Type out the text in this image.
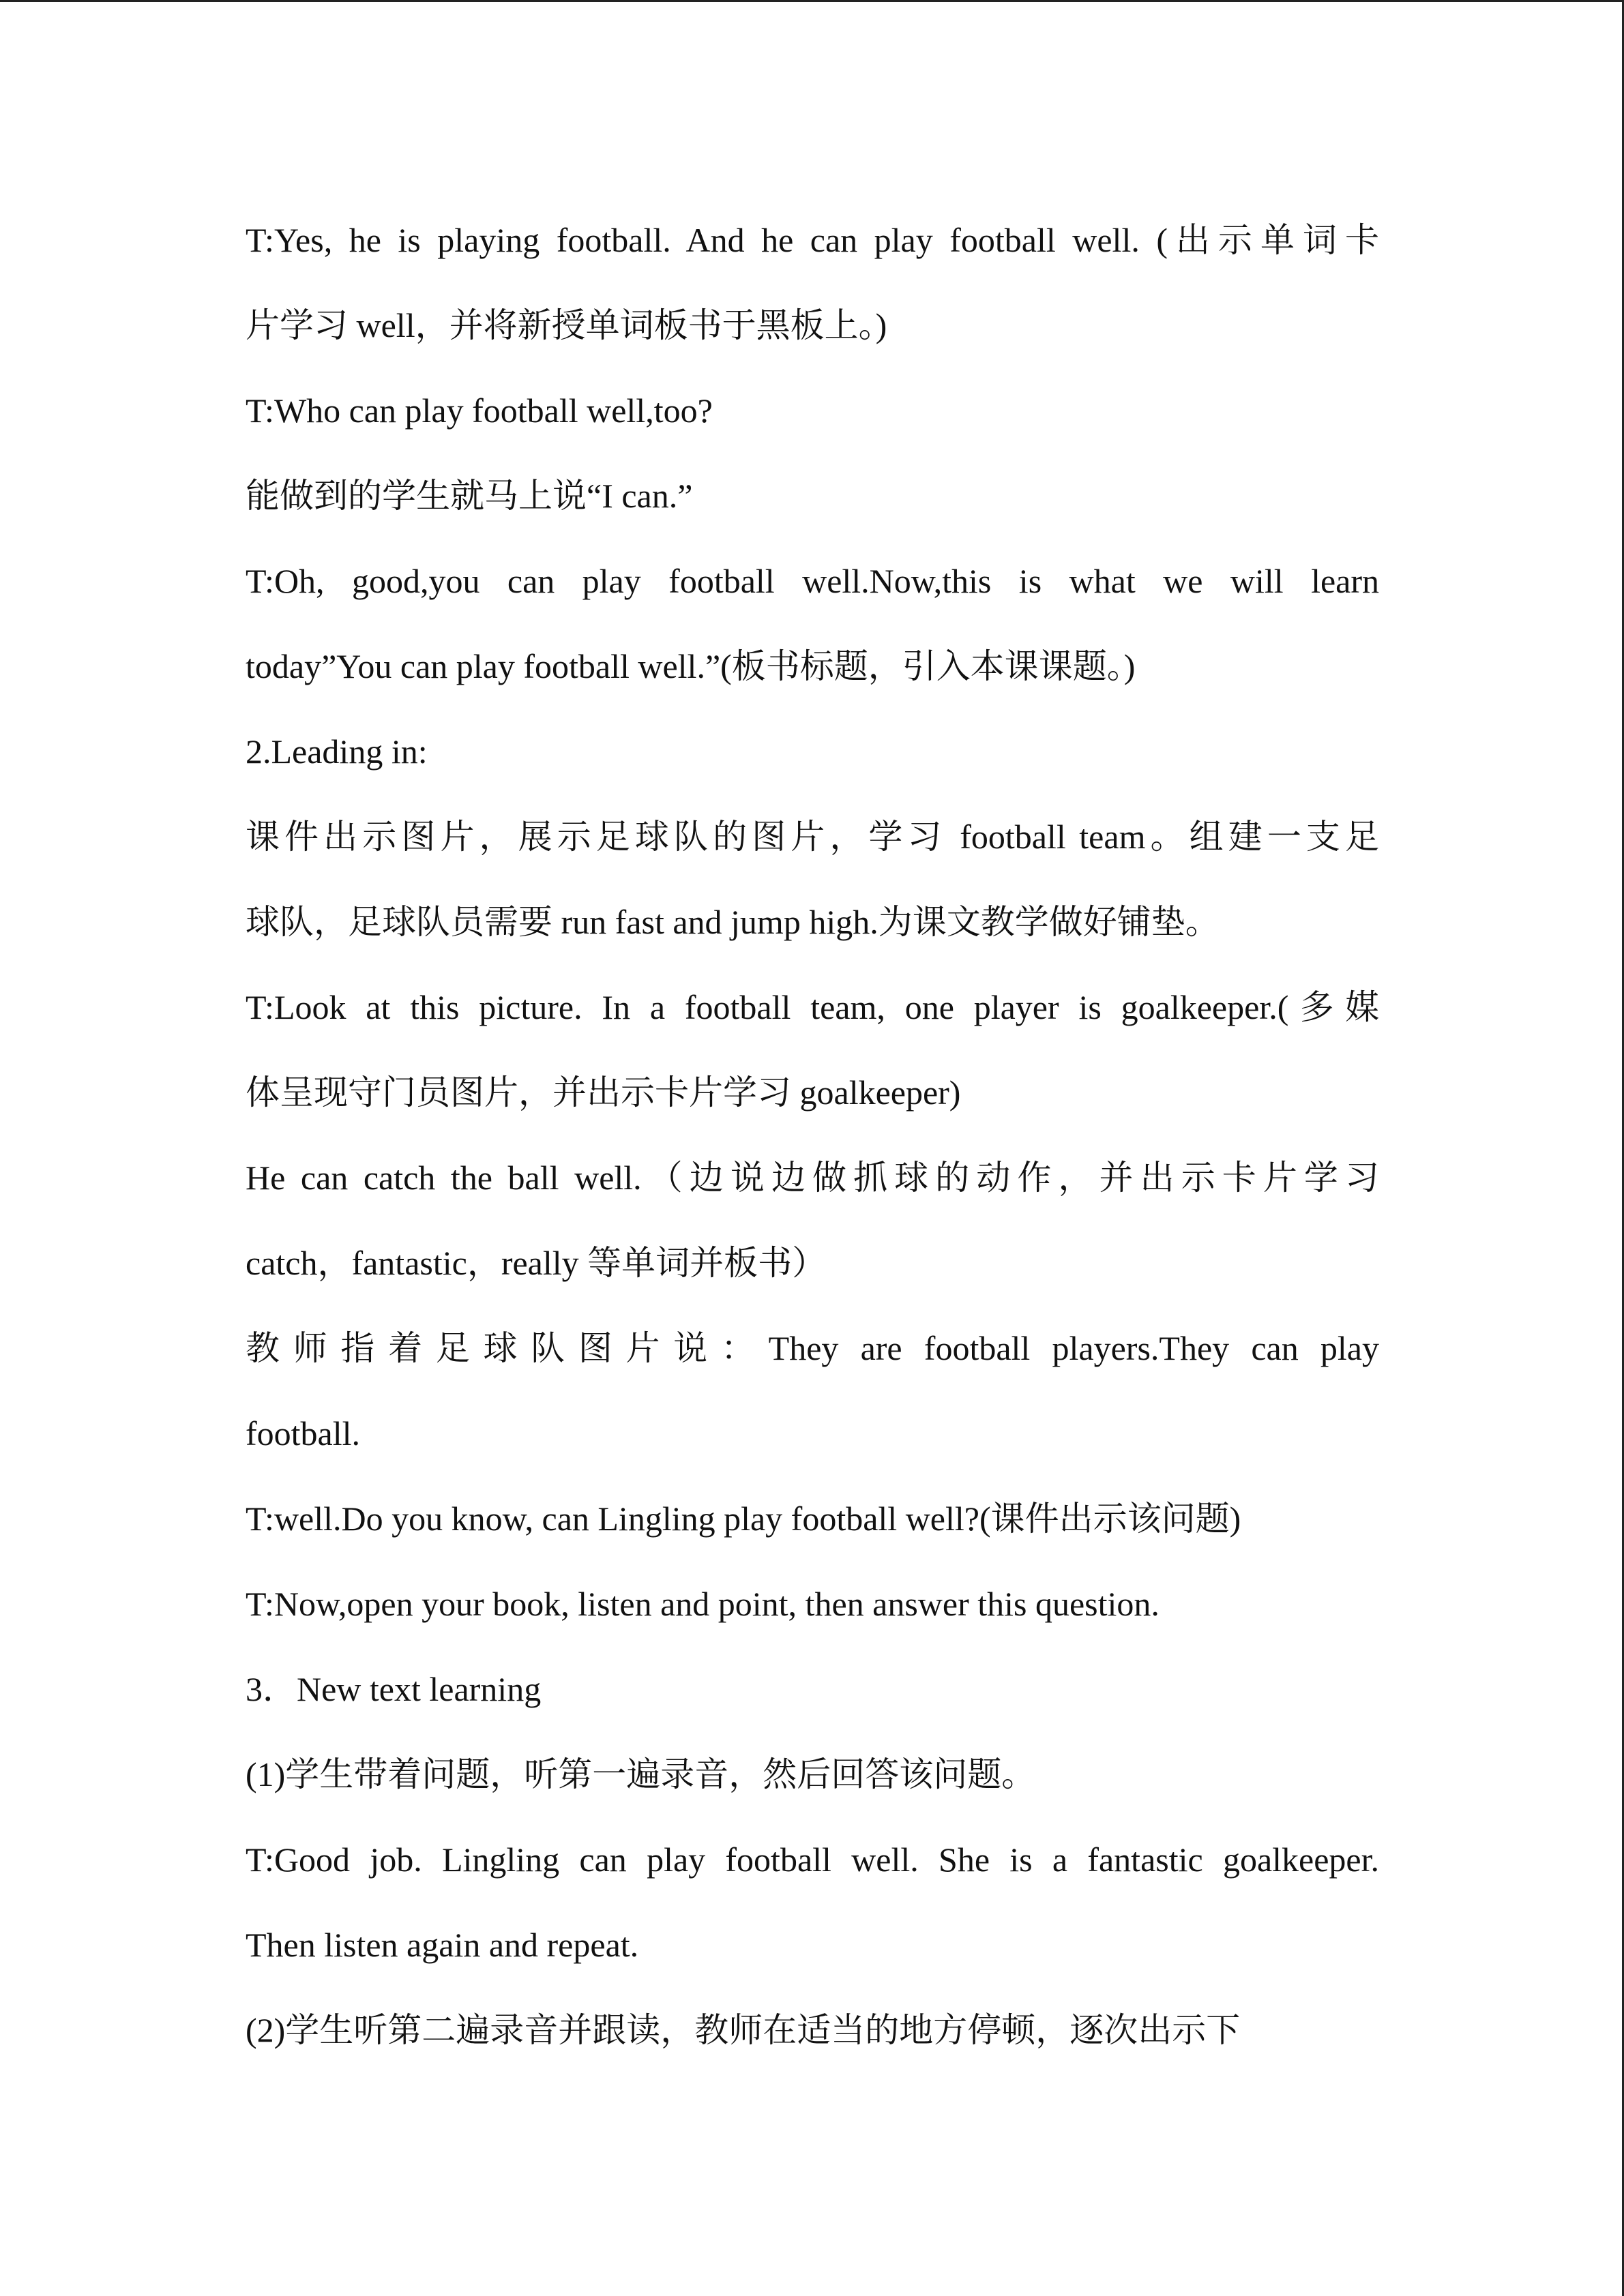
T:Yes, he is playing football. And he can play football well. (出示单词卡
片学习 well，并将新授单词板书于黑板上。)
T:Who can play football well,too?
能做到的学生就马上说“I can.”
T:Oh, good,you can play football well.Now,this is what we will learn
today”You can play football well.”(板书标题，引入本课课题。)
2.Leading in:
课件出示图片，展示足球队的图片，学习 football team。组建一支足
球队，足球队员需要 run fast and jump high.为课文教学做好铺垫。
T:Look at this picture. In a football team, one player is goalkeeper.(多媒
体呈现守门员图片，并出示卡片学习 goalkeeper)
He can catch the ball well.（边说边做抓球的动作，并出示卡片学习
catch，fantastic，really 等单词并板书）
教师指着足球队图片说：They are football players.They can play
football.
T:well.Do you know, can Lingling play football well?(课件出示该问题)
T:Now,open your book, listen and point, then answer this question.
3．New text learning
(1)学生带着问题，听第一遍录音，然后回答该问题。
T:Good job. Lingling can play football well. She is a fantastic goalkeeper.
Then listen again and repeat.
(2)学生听第二遍录音并跟读，教师在适当的地方停顿，逐次出示下
